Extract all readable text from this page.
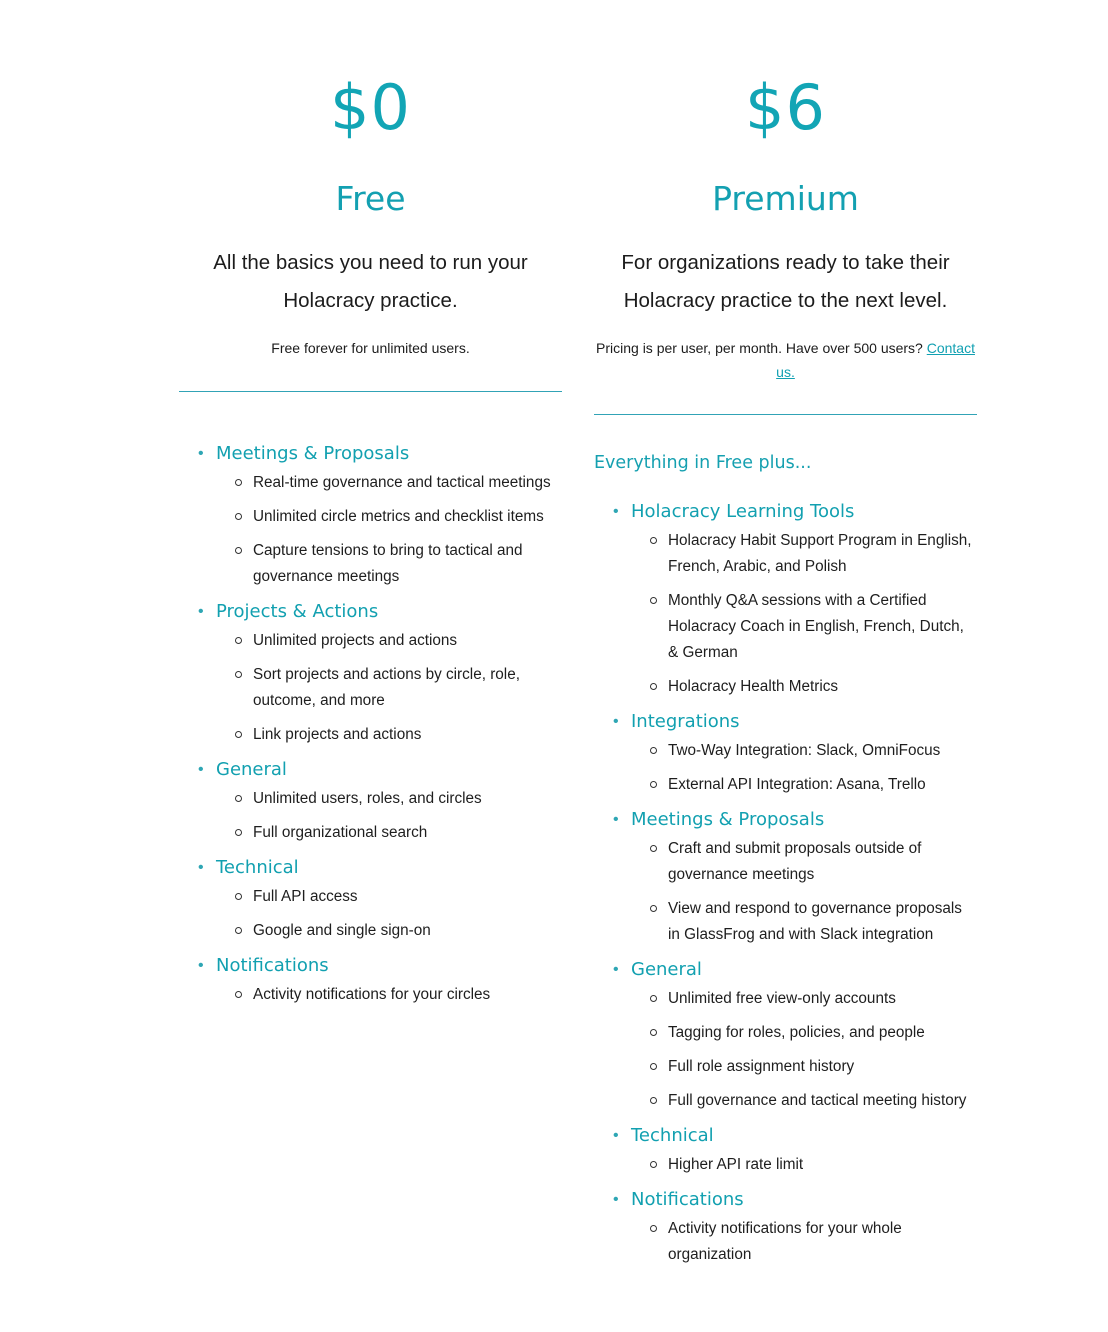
$0
Free
All the basics you need to run your Holacracy practice.
Free forever for unlimited users.
• Meetings & Proposals
Real-time governance and tactical meetings
Unlimited circle metrics and checklist items
Capture tensions to bring to tactical and governance meetings
• Projects & Actions
Unlimited projects and actions
Sort projects and actions by circle, role, outcome, and more
Link projects and actions
• General
Unlimited users, roles, and circles
Full organizational search
• Technical
Full API access
Google and single sign-on
• Notifications
Activity notifications for your circles
$6
Premium
For organizations ready to take their Holacracy practice to the next level.
Pricing is per user, per month. Have over 500 users? Contact us.
Everything in Free plus...
• Holacracy Learning Tools
Holacracy Habit Support Program in English, French, Arabic, and Polish
Monthly Q&A sessions with a Certified Holacracy Coach in English, French, Dutch, & German
Holacracy Health Metrics
• Integrations
Two-Way Integration: Slack, OmniFocus
External API Integration: Asana, Trello
• Meetings & Proposals
Craft and submit proposals outside of governance meetings
View and respond to governance proposals in GlassFrog and with Slack integration
• General
Unlimited free view-only accounts
Tagging for roles, policies, and people
Full role assignment history
Full governance and tactical meeting history
• Technical
Higher API rate limit
• Notifications
Activity notifications for your whole organization
